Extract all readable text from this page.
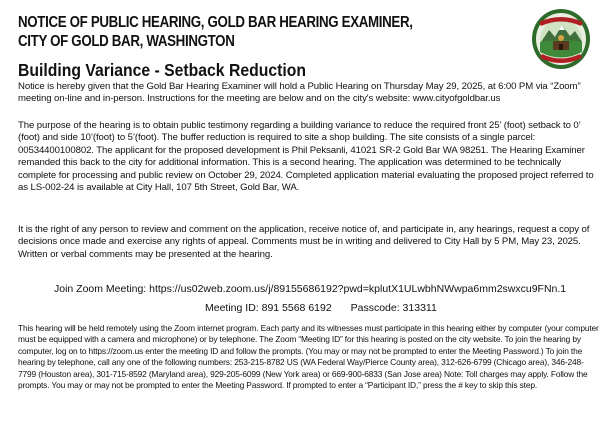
NOTICE OF PUBLIC HEARING, GOLD BAR HEARING EXAMINER,
CITY OF GOLD BAR, WASHINGTON
Building Variance - Setback Reduction

Notice is hereby given that the Gold Bar Hearing Examiner will hold a Public Hearing on Thursday May 29, 2025, at 6:00 PM via “Zoom” meeting on-line and in-person. Instructions for the meeting are below and on the city's website: www.cityofgoldbar.us

The purpose of the hearing is to obtain public testimony regarding a building variance to reduce the required front 25’ (foot) setback to 0’ (foot) and side 10’(foot) to 5’(foot). The buffer reduction is required to site a shop building. The site consists of a single parcel: 00534400100802. The applicant for the proposed development is Phil Peksanli, 41021 SR-2 Gold Bar WA 98251. The Hearing Examiner remanded this back to the city for additional information. This is a second hearing. The application was determined to be technically complete for processing and public review on October 29, 2024. Completed application material evaluating the proposed project referred to as LS-002-24 is available at City Hall, 107 5th Street, Gold Bar, WA.

It is the right of any person to review and comment on the application, receive notice of, and participate in, any hearings, request a copy of decisions once made and exercise any rights of appeal. Comments must be in writing and delivered to City Hall by 5 PM, May 23, 2025. Written or verbal comments may be presented at the hearing.

Join Zoom Meeting: https://us02web.zoom.us/j/89155686192?pwd=kplutX1ULwbhNWwpa6mm2swxcu9FNn.1
Meeting ID: 891 5568 6192 Passcode: 313311

This hearing will be held remotely using the Zoom internet program. Each party and its witnesses must participate in this hearing either by computer (your computer must be equipped with a camera and microphone) or by telephone. The Zoom “Meeting ID” for this hearing is posted on the city website. To join the hearing by computer, log on to https://zoom.us enter the meeting ID and follow the prompts. (You may or may not be prompted to enter the Meeting Password.) To join the hearing by telephone, call any one of the following numbers: 253-215-8782 US (WA Federal Way/Pierce County area), 312-626-6799 (Chicago area), 346-248-7799 (Houston area), 301-715-8592 (Maryland area), 929-205-6099 (New York area) or 669-900-6833 (San Jose area) Note: Toll charges may apply. Follow the prompts. You may or may not be prompted to enter the Meeting Password. If prompted to enter a “Participant ID,” press the # key to skip this step.
